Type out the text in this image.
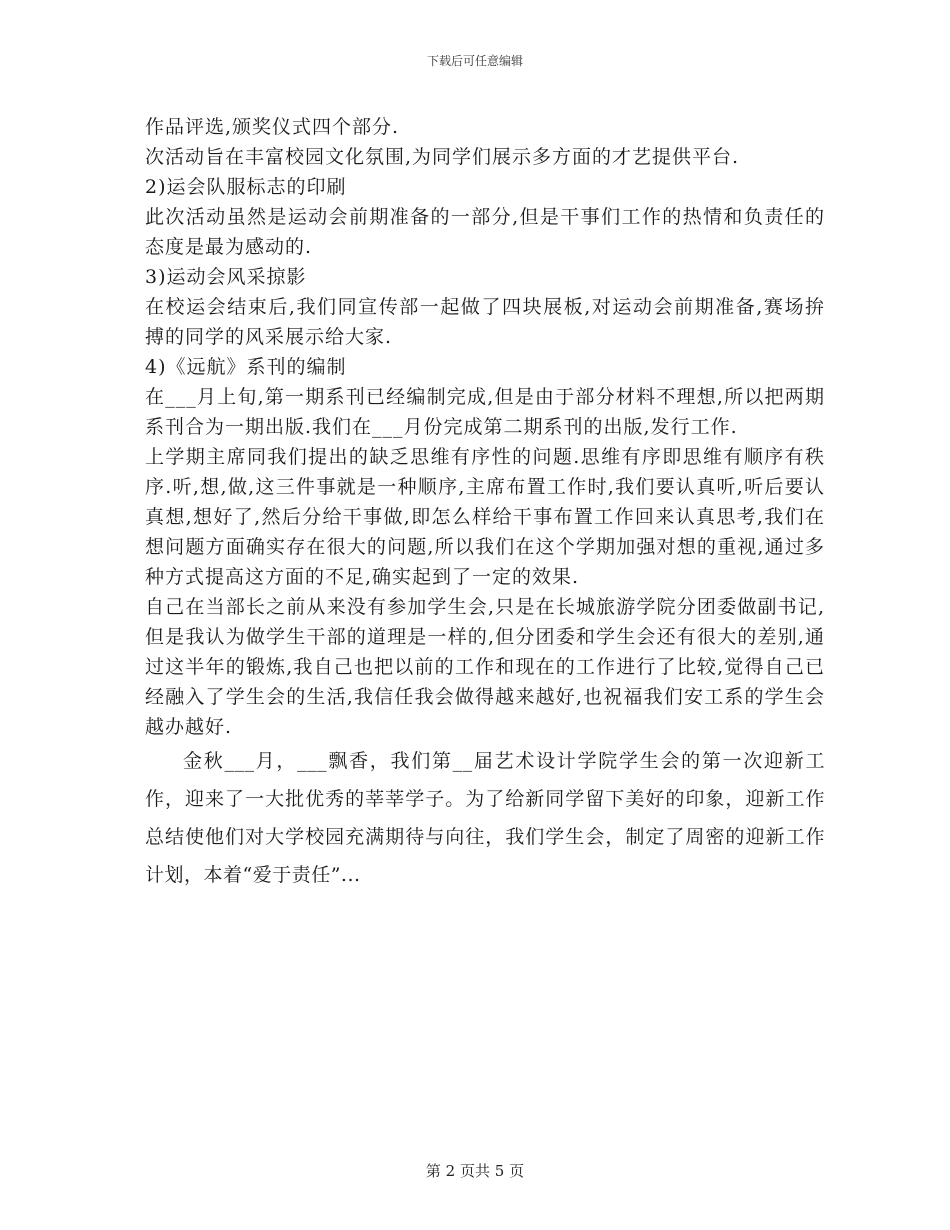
下载后可任意编辑

作品评选,颁奖仪式四个部分.

次活动旨在丰富校园文化氛围,为同学们展示多方面的才艺提供平台.

2)运会队服标志的印刷

此次活动虽然是运动会前期准备的一部分,但是干事们工作的热情和负责任的态度是最为感动的.

3)运动会风采掠影

在校运会结束后,我们同宣传部一起做了四块展板,对运动会前期准备,赛场拚搏的同学的风采展示给大家.

4)《远航》系刊的编制

在___月上旬,第一期系刊已经编制完成,但是由于部分材料不理想,所以把两期系刊合为一期出版.我们在___月份完成第二期系刊的出版,发行工作.

上学期主席同我们提出的缺乏思维有序性的问题.思维有序即思维有顺序有秩序.听,想,做,这三件事就是一种顺序,主席布置工作时,我们要认真听,听后要认真想,想好了,然后分给干事做,即怎么样给干事布置工作回来认真思考,我们在想问题方面确实存在很大的问题,所以我们在这个学期加强对想的重视,通过多种方式提高这方面的不足,确实起到了一定的效果.

自己在当部长之前从来没有参加学生会,只是在长城旅游学院分团委做副书记,但是我认为做学生干部的道理是一样的,但分团委和学生会还有很大的差别,通过这半年的锻炼,我自己也把以前的工作和现在的工作进行了比较,觉得自己已经融入了学生会的生活,我信任我会做得越来越好,也祝福我们安工系的学生会越办越好.

金秋___月，___飘香，我们第__届艺术设计学院学生会的第一次迎新工作，迎来了一大批优秀的莘莘学子。为了给新同学留下美好的印象，迎新工作总结使他们对大学校园充满期待与向往，我们学生会，制定了周密的迎新工作计划，本着“爱于责任”...

第 2 页共 5 页
